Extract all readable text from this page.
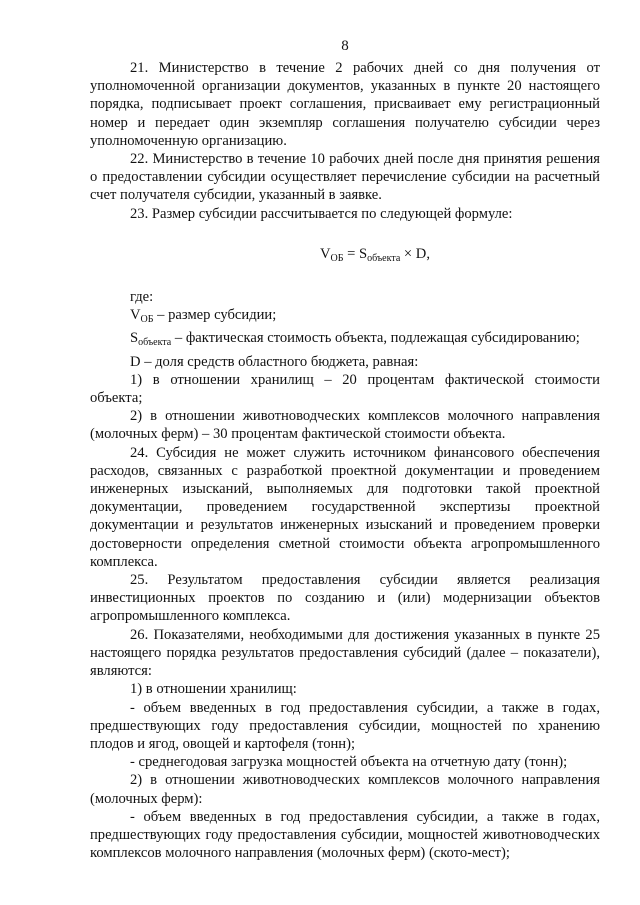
8

21. Министерство в течение 2 рабочих дней со дня получения от уполномоченной организации документов, указанных в пункте 20 настоящего порядка, подписывает проект соглашения, присваивает ему регистрационный номер и передает один экземпляр соглашения получателю субсидии через уполномоченную организацию.

22. Министерство в течение 10 рабочих дней после дня принятия решения о предоставлении субсидии осуществляет перечисление субсидии на расчетный счет получателя субсидии, указанный в заявке.

23. Размер субсидии рассчитывается по следующей формуле:

$V_{ОБ} = S_{объекта} \times D$,

где:

$V_{ОБ}$ – размер субсидии;

$S_{объекта}$ – фактическая стоимость объекта, подлежащая субсидированию;

D – доля средств областного бюджета, равная:

1) в отношении хранилищ – 20 процентам фактической стоимости объекта;

2) в отношении животноводческих комплексов молочного направления (молочных ферм) – 30 процентам фактической стоимости объекта.

24. Субсидия не может служить источником финансового обеспечения расходов, связанных с разработкой проектной документации и проведением инженерных изысканий, выполняемых для подготовки такой проектной документации, проведением государственной экспертизы проектной документации и результатов инженерных изысканий и проведением проверки достоверности определения сметной стоимости объекта агропромышленного комплекса.

25. Результатом предоставления субсидии является реализация инвестиционных проектов по созданию и (или) модернизации объектов агропромышленного комплекса.

26. Показателями, необходимыми для достижения указанных в пункте 25 настоящего порядка результатов предоставления субсидий (далее – показатели), являются:

1) в отношении хранилищ:

- объем введенных в год предоставления субсидии, а также в годах, предшествующих году предоставления субсидии, мощностей по хранению плодов и ягод, овощей и картофеля (тонн);

- среднегодовая загрузка мощностей объекта на отчетную дату (тонн);

2) в отношении животноводческих комплексов молочного направления (молочных ферм):

- объем введенных в год предоставления субсидии, а также в годах, предшествующих году предоставления субсидии, мощностей животноводческих комплексов молочного направления (молочных ферм) (ското-мест);
